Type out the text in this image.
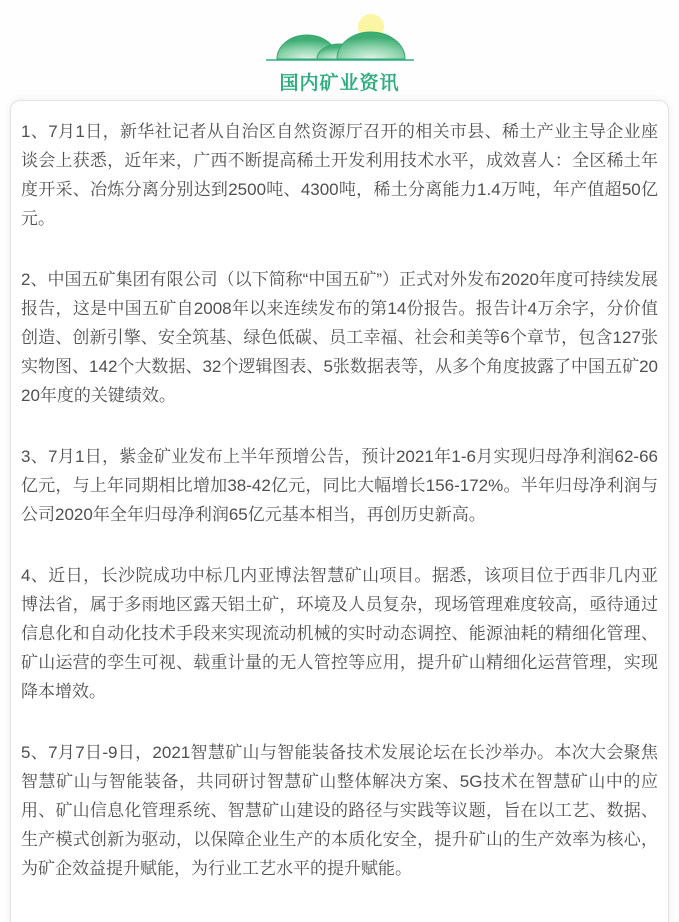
国内矿业资讯

1、7月1日，新华社记者从自治区自然资源厅召开的相关市县、稀土产业主导企业座谈会上获悉，近年来，广西不断提高稀土开发利用技术水平，成效喜人：全区稀土年度开采、冶炼分离分别达到2500吨、4300吨，稀土分离能力1.4万吨，年产值超50亿元。

2、中国五矿集团有限公司（以下简称“中国五矿”）正式对外发布2020年度可持续发展报告，这是中国五矿自2008年以来连续发布的第14份报告。报告计4万余字，分价值创造、创新引擎、安全筑基、绿色低碳、员工幸福、社会和美等6个章节，包含127张实物图、142个大数据、32个逻辑图表、5张数据表等，从多个角度披露了中国五矿2020年度的关键绩效。

3、7月1日，紫金矿业发布上半年预增公告，预计2021年1-6月实现归母净利润62-66亿元，与上年同期相比增加38-42亿元，同比大幅增长156-172%。半年归母净利润与公司2020年全年归母净利润65亿元基本相当，再创历史新高。

4、近日，长沙院成功中标几内亚博法智慧矿山项目。据悉，该项目位于西非几内亚博法省，属于多雨地区露天铝土矿，环境及人员复杂，现场管理难度较高，亟待通过信息化和自动化技术手段来实现流动机械的实时动态调控、能源油耗的精细化管理、矿山运营的孪生可视、载重计量的无人管控等应用，提升矿山精细化运营管理，实现降本增效。

5、7月7日-9日，2021智慧矿山与智能装备技术发展论坛在长沙举办。本次大会聚焦智慧矿山与智能装备，共同研讨智慧矿山整体解决方案、5G技术在智慧矿山中的应用、矿山信息化管理系统、智慧矿山建设的路径与实践等议题，旨在以工艺、数据、生产模式创新为驱动，以保障企业生产的本质化安全，提升矿山的生产效率为核心，为矿企效益提升赋能，为行业工艺水平的提升赋能。
